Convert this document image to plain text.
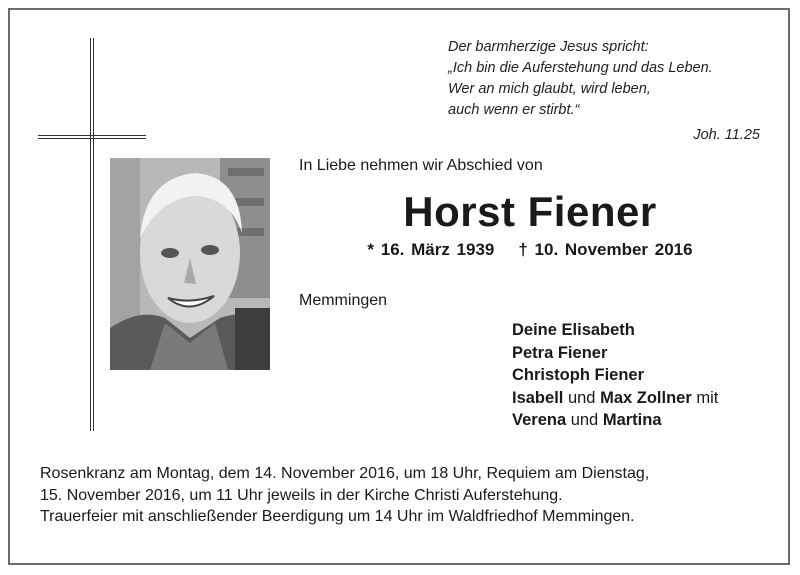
Der barmherzige Jesus spricht:
„Ich bin die Auferstehung und das Leben.
Wer an mich glaubt, wird leben,
auch wenn er stirbt.“
Joh. 11.25
In Liebe nehmen wir Abschied von
Horst Fiener
* 16. März 1939 † 10. November 2016
Memmingen
Deine Elisabeth
Petra Fiener
Christoph Fiener
Isabell und Max Zollner mit
Verena und Martina
Rosenkranz am Montag, dem 14. November 2016, um 18 Uhr, Requiem am Dienstag,
15. November 2016, um 11 Uhr jeweils in der Kirche Christi Auferstehung.
Trauerfeier mit anschließender Beerdigung um 14 Uhr im Waldfriedhof Memmingen.
